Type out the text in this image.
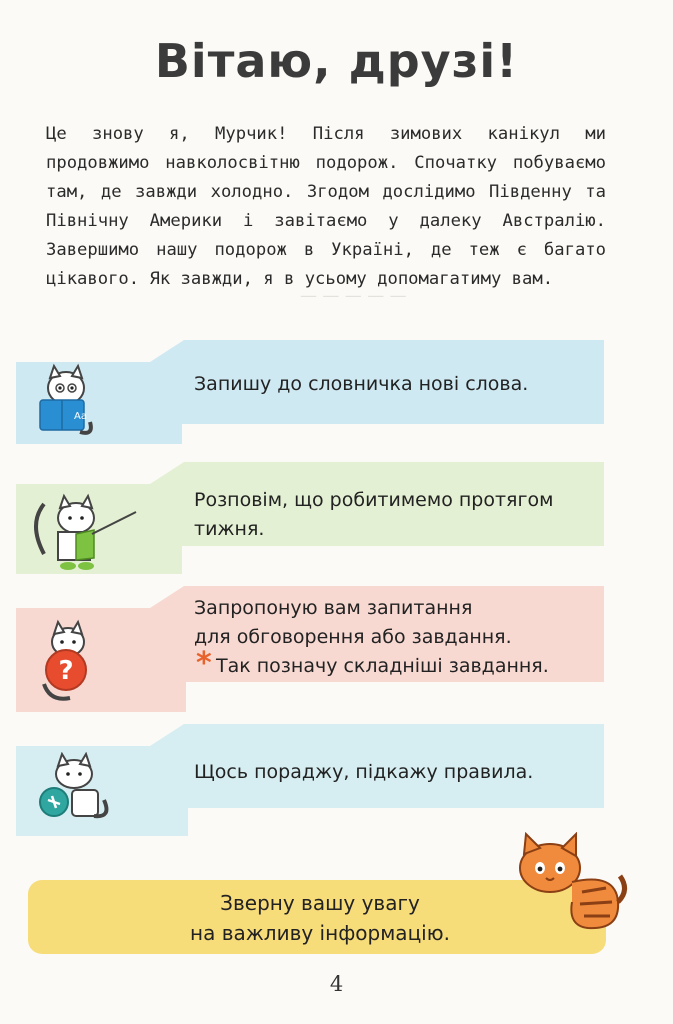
— — — — —
Вітаю, друзі!
Це знову я, Мурчик! Після зимових канікул ми продовжимо навколосвітню подорож. Спочатку побуваємо там, де завжди холодно. Згодом дослідимо Південну та Північну Америки і завітаємо у далеку Австралію. Завершимо нашу подорож в Україні, де теж є багато цікавого. Як завжди, я в усьому допомагатиму вам.
Aa
Запишу до словничка нові слова.
Розповім, що робитимемо протягом
тижня.
?
Запропоную вам запитання
для обговорення або завдання.
* Так позначу складніші завдання.
Щось пораджу, підкажу правила.
Зверну вашу увагу
на важливу інформацію.
4
